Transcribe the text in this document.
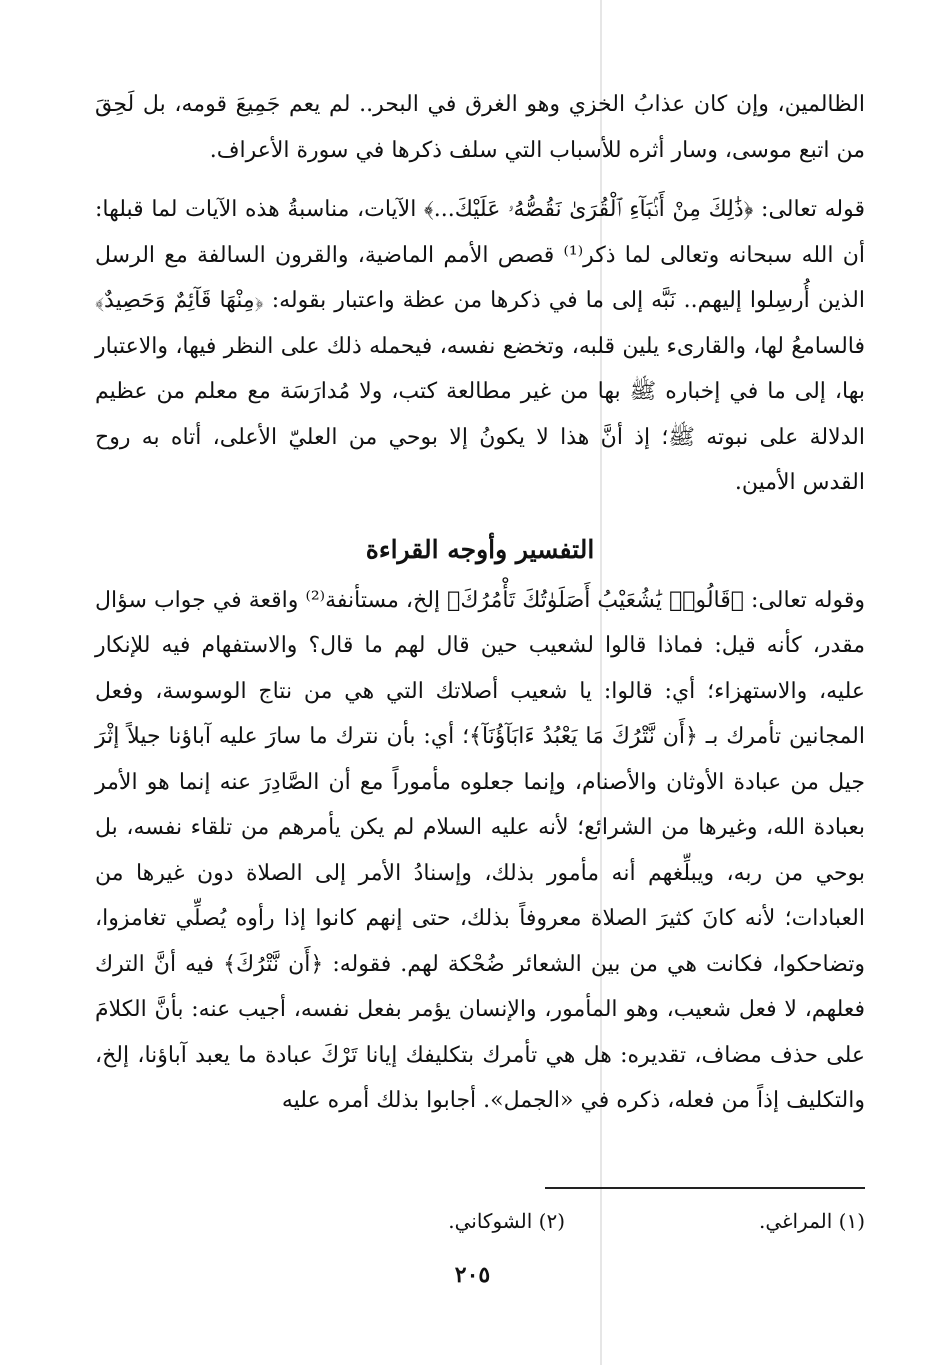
الظالمين، وإن كان عذابُ الخزي وهو الغرق في البحر.. لم يعم جَمِيعَ قومه، بل لَحِقَ من اتبع موسى، وسار أثره للأسباب التي سلف ذكرها في سورة الأعراف.

قوله تعالى: ﴿ذَٰلِكَ مِنْ أَنۢبَآءِ ٱلْقُرَىٰ نَقُصُّهُۥ عَلَيْكَ...﴾ الآيات، مناسبةُ هذه الآيات لما قبلها: أن الله سبحانه وتعالى لما ذكر⁽¹⁾ قصص الأمم الماضية، والقرون السالفة مع الرسل الذين أُرسِلوا إليهم.. نَبَّه إلى ما في ذكرها من عظة واعتبار بقوله: ﴿مِنْهَا قَآئِمٌ وَحَصِيدٌ﴾ فالسامعُ لها، والقارىء يلين قلبه، وتخضع نفسه، فيحمله ذلك على النظر فيها، والاعتبار بها، إلى ما في إخباره ﷺ بها من غير مطالعة كتب، ولا مُدارَسَة مع معلم من عظيم الدلالة على نبوته ﷺ؛ إذ أنَّ هذا لا يكونُ إلا بوحي من العليّ الأعلى، أتاه به روح القدس الأمين.

التفسير وأوجه القراءة

وقوله تعالى: ﴿قَالُوا۟ يَٰشُعَيْبُ أَصَلَوٰتُكَ تَأْمُرُكَ﴾ إلخ، مستأنفة⁽²⁾ واقعة في جواب سؤال مقدر، كأنه قيل: فماذا قالوا لشعيب حين قال لهم ما قال؟ والاستفهام فيه للإنكار عليه، والاستهزاء؛ أي: قالوا: يا شعيب أصلاتك التي هي من نتاج الوسوسة، وفعل المجانين تأمرك بـ ﴿أَن نَّتْرُكَ مَا يَعْبُدُ ءَابَآؤُنَآ﴾؛ أي: بأن نترك ما سارَ عليه آباؤنا جيلاً إثْرَ جيل من عبادة الأوثان والأصنام، وإنما جعلوه مأموراً مع أن الصَّادِرَ عنه إنما هو الأمر بعبادة الله، وغيرها من الشرائع؛ لأنه عليه السلام لم يكن يأمرهم من تلقاء نفسه، بل بوحي من ربه، ويبلِّغهم أنه مأمور بذلك، وإسنادُ الأمر إلى الصلاة دون غيرها من العبادات؛ لأنه كانَ كثيرَ الصلاة معروفاً بذلك، حتى إنهم كانوا إذا رأوه يُصلِّي تغامزوا، وتضاحكوا، فكانت هي من بين الشعائر ضُحْكة لهم. فقوله: ﴿أَن نَّتْرُكَ﴾ فيه أنَّ الترك فعلهم، لا فعل شعيب، وهو المأمور، والإنسان يؤمر بفعل نفسه، أجيب عنه: بأنَّ الكلامَ على حذف مضاف، تقديره: هل هي تأمرك بتكليفك إيانا تَرْكَ عبادة ما يعبد آباؤنا، إلخ، والتكليف إذاً من فعله، ذكره في «الجمل». أجابوا بذلك أمره عليه

(١) المراغي.
(٢) الشوكاني.
٢٠٥
